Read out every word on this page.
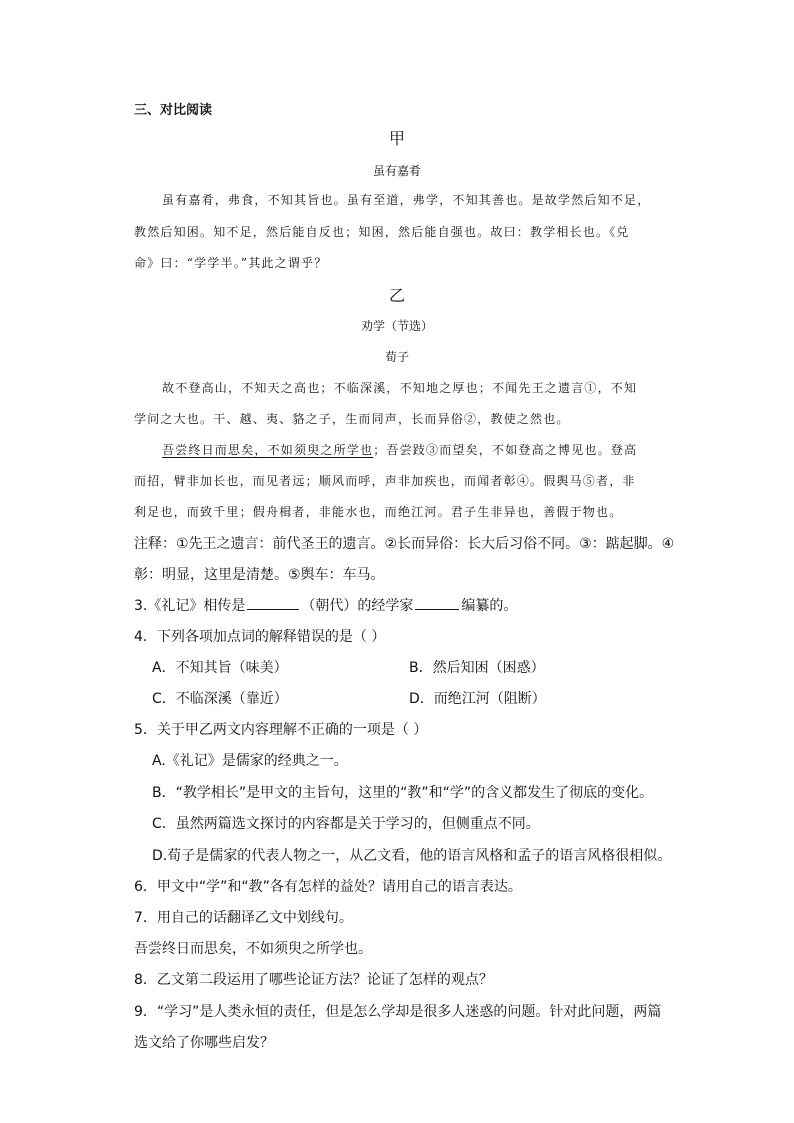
三、对比阅读
甲
虽有嘉肴
虽有嘉肴，弗食，不知其旨也。虽有至道，弗学，不知其善也。是故学然后知不足，
教然后知困。知不足，然后能自反也；知困，然后能自强也。故曰：教学相长也。《兑
命》曰：“学学半。”其此之谓乎？
乙
劝学（节选）
荀子
故不登高山，不知天之高也；不临深溪，不知地之厚也；不闻先王之遗言①，不知
学问之大也。干、越、夷、貉之子，生而同声，长而异俗②，教使之然也。
吾尝终日而思矣，不如须臾之所学也；吾尝跂③而望矣，不如登高之博见也。登高
而招，臂非加长也，而见者远；顺风而呼，声非加疾也，而闻者彰④。假舆马⑤者，非
利足也，而致千里；假舟楫者，非能水也，而绝江河。君子生非异也，善假于物也。
注释：①先王之遗言：前代圣王的遗言。②长而异俗：长大后习俗不同。③：踮起脚。④
彰：明显，这里是清楚。⑤舆车：车马。
3.《礼记》相传是	（朝代）的经学家	编纂的。
4．下列各项加点词的解释错误的是（ ）
A．不知其旨（味美）	B．然后知困（困惑）
C．不临深溪（靠近）	D．而绝江河（阻断）
5．关于甲乙两文内容理解不正确的一项是（ ）
A.《礼记》是儒家的经典之一。
B．“教学相长”是甲文的主旨句，这里的“教”和“学”的含义都发生了彻底的变化。
C．虽然两篇选文探讨的内容都是关于学习的，但侧重点不同。
D.荀子是儒家的代表人物之一，从乙文看，他的语言风格和孟子的语言风格很相似。
6．甲文中“学”和“教”各有怎样的益处？请用自己的语言表达。
7．用自己的话翻译乙文中划线句。
吾尝终日而思矣，不如须臾之所学也。
8．乙文第二段运用了哪些论证方法？论证了怎样的观点？
9．“学习”是人类永恒的责任，但是怎么学却是很多人迷惑的问题。针对此问题，两篇
选文给了你哪些启发？
